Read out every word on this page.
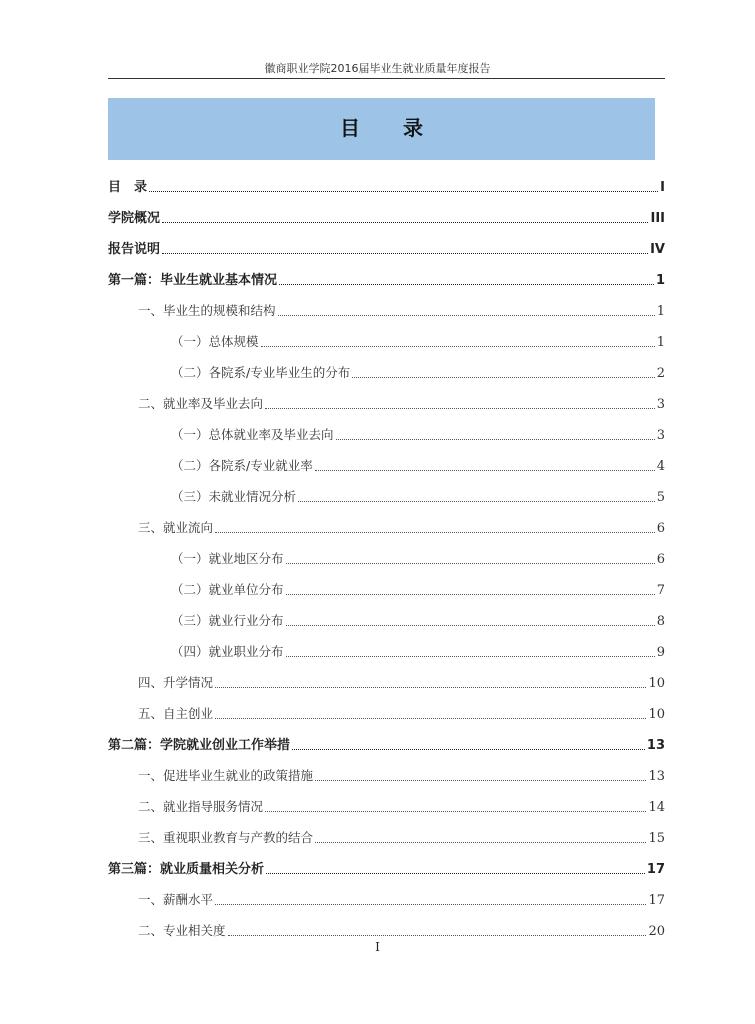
徽商职业学院2016届毕业生就业质量年度报告
目 录
目　录	I
学院概况	III
报告说明	IV
第一篇：毕业生就业基本情况	1
一、毕业生的规模和结构	1
（一）总体规模	1
（二）各院系/专业毕业生的分布	2
二、就业率及毕业去向	3
（一）总体就业率及毕业去向	3
（二）各院系/专业就业率	4
（三）未就业情况分析	5
三、就业流向	6
（一）就业地区分布	6
（二）就业单位分布	7
（三）就业行业分布	8
（四）就业职业分布	9
四、升学情况	10
五、自主创业	10
第二篇：学院就业创业工作举措	13
一、促进毕业生就业的政策措施	13
二、就业指导服务情况	14
三、重视职业教育与产教的结合	15
第三篇：就业质量相关分析	17
一、薪酬水平	17
二、专业相关度	20
I
